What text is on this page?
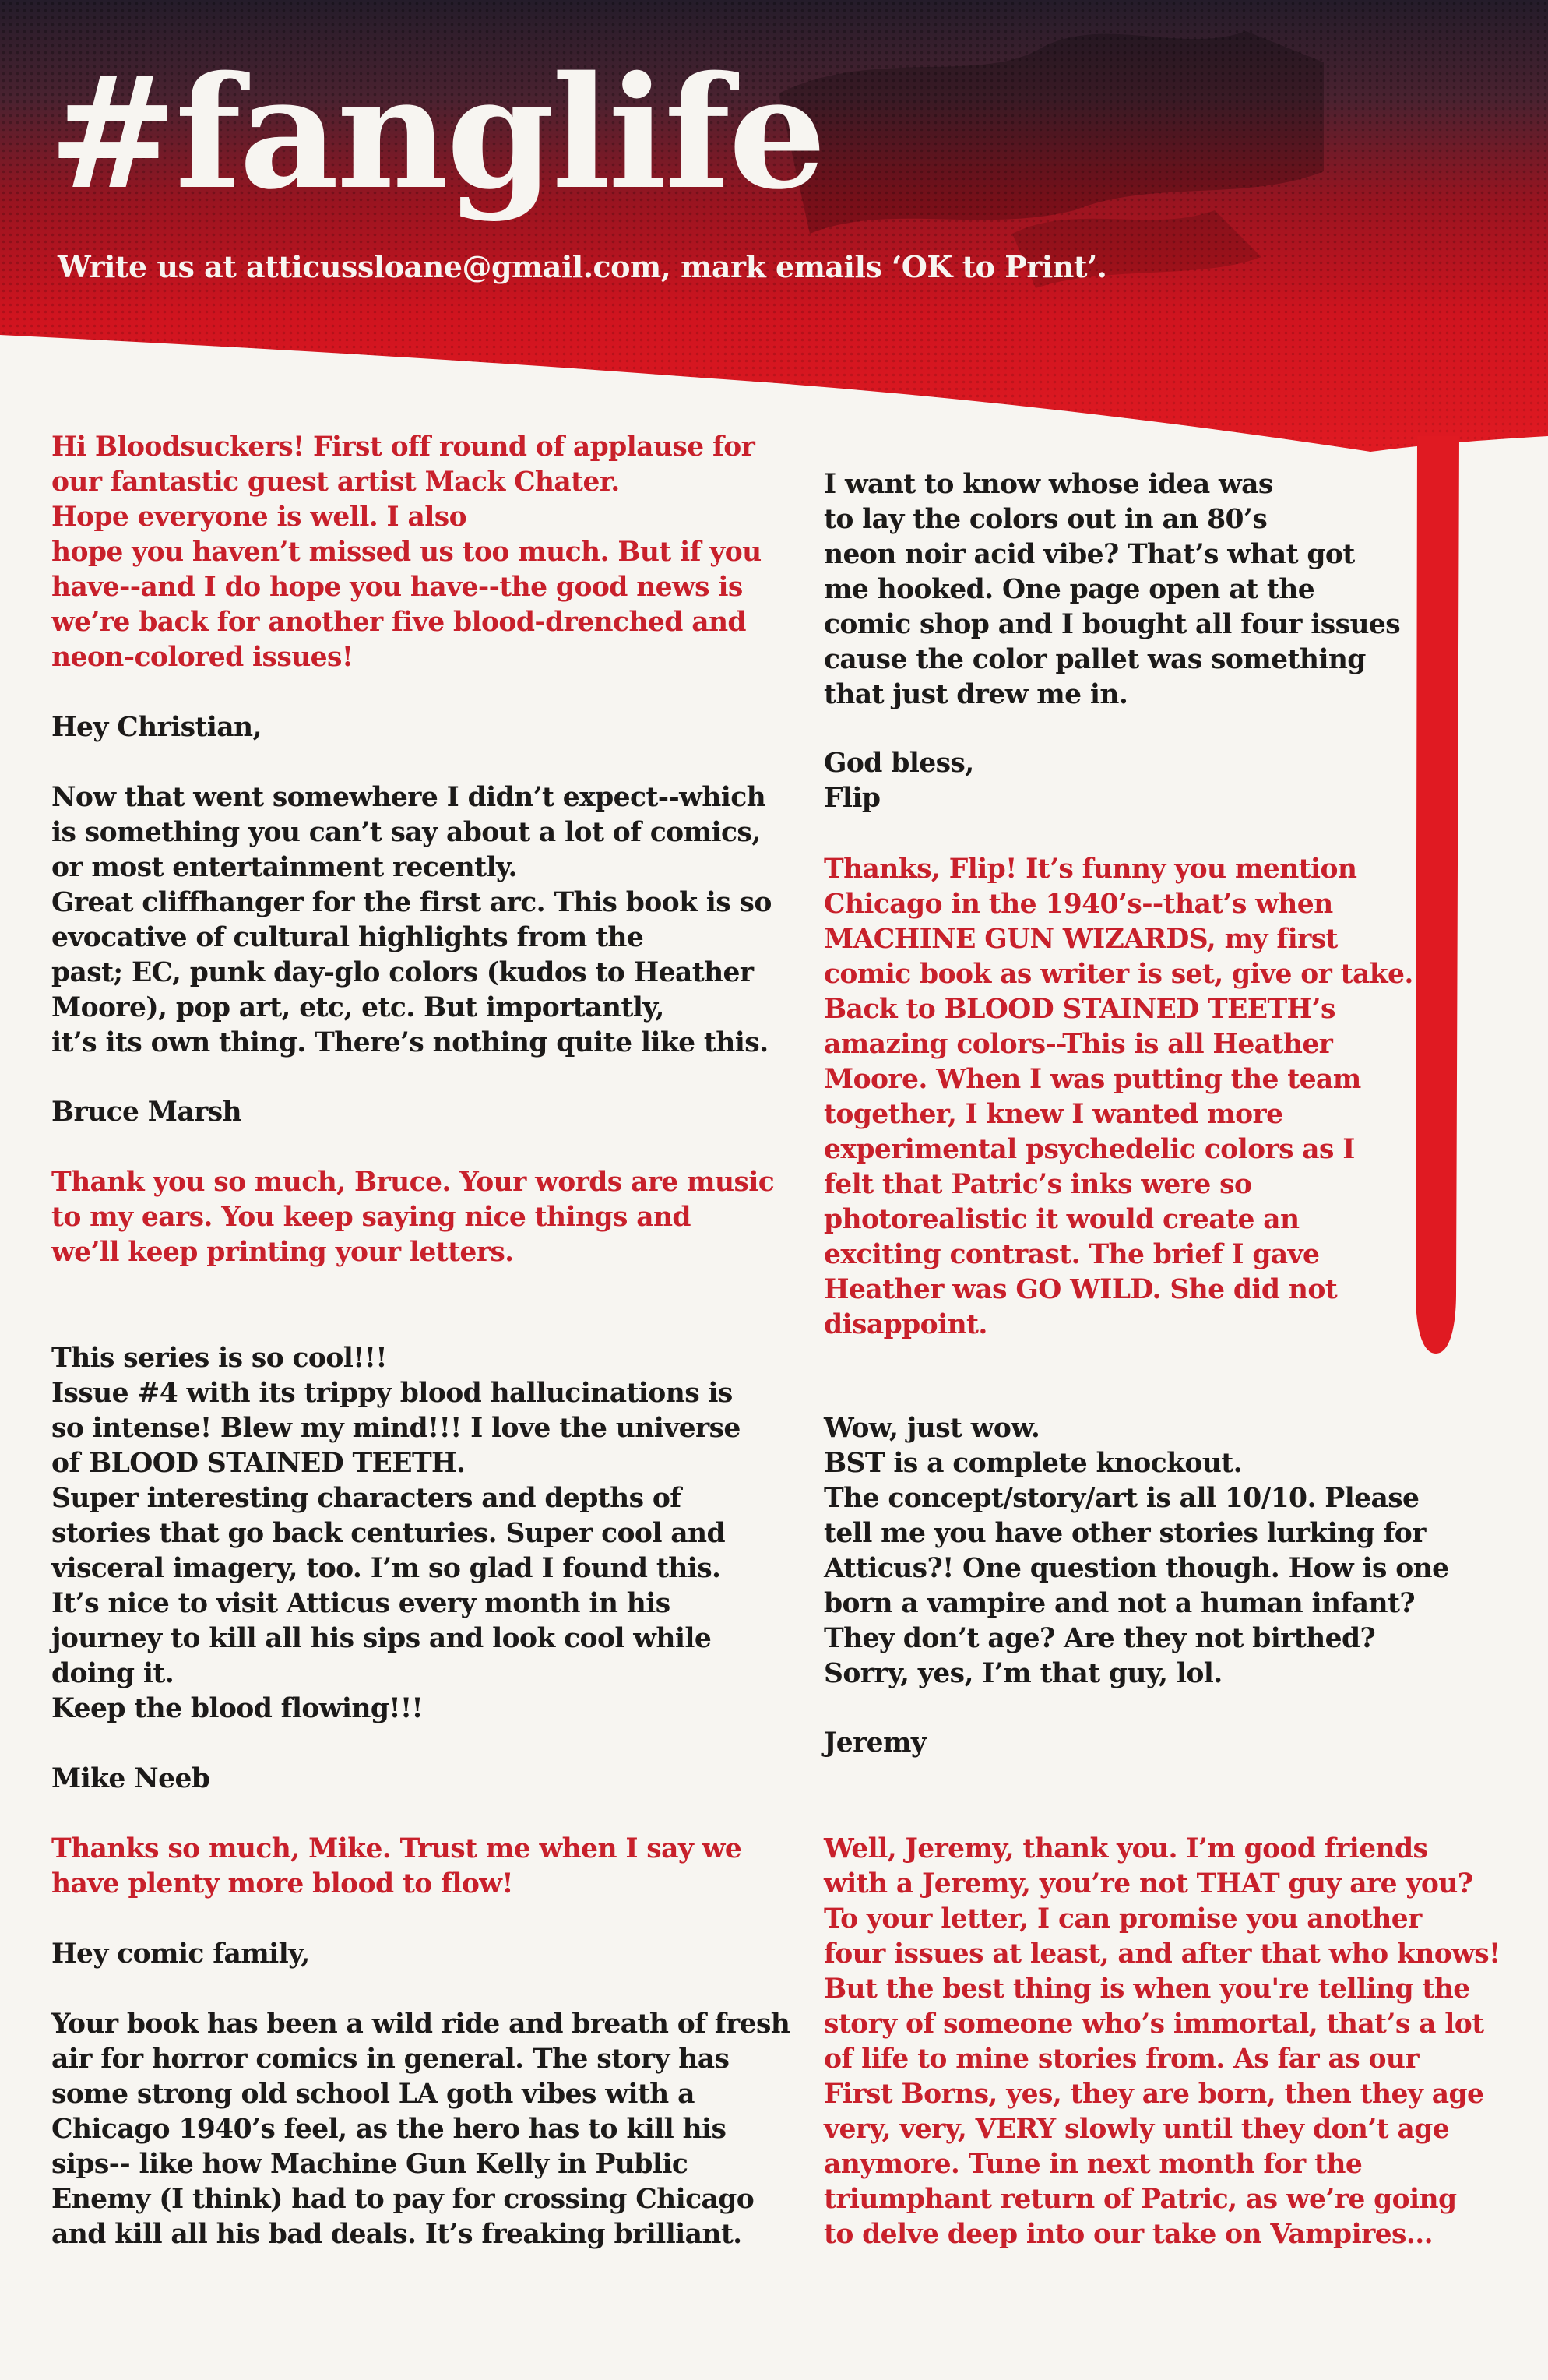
#fanglife

Write us at atticussloane@gmail.com, mark emails ‘OK to Print’.

Hi Bloodsuckers! First off round of applause for
our fantastic guest artist Mack Chater.
Hope everyone is well. I also
hope you haven’t missed us too much. But if you
have--and I do hope you have--the good news is
we’re back for another five blood-drenched and
neon-colored issues!
Hey Christian,
Now that went somewhere I didn’t expect--which
is something you can’t say about a lot of comics,
or most entertainment recently.
Great cliffhanger for the first arc. This book is so
evocative of cultural highlights from the
past; EC, punk day-glo colors (kudos to Heather
Moore), pop art, etc, etc. But importantly,
it’s its own thing. There’s nothing quite like this.
Bruce Marsh
Thank you so much, Bruce. Your words are music
to my ears. You keep saying nice things and
we’ll keep printing your letters.
This series is so cool!!!
Issue #4 with its trippy blood hallucinations is
so intense! Blew my mind!!! I love the universe
of BLOOD STAINED TEETH.
Super interesting characters and depths of
stories that go back centuries. Super cool and
visceral imagery, too. I’m so glad I found this.
It’s nice to visit Atticus every month in his
journey to kill all his sips and look cool while
doing it.
Keep the blood flowing!!!
Mike Neeb
Thanks so much, Mike. Trust me when I say we
have plenty more blood to flow!
Hey comic family,
Your book has been a wild ride and breath of fresh
air for horror comics in general. The story has
some strong old school LA goth vibes with a
Chicago 1940’s feel, as the hero has to kill his
sips-- like how Machine Gun Kelly in Public
Enemy (I think) had to pay for crossing Chicago
and kill all his bad deals. It’s freaking brilliant.
I want to know whose idea was
to lay the colors out in an 80’s
neon noir acid vibe? That’s what got
me hooked. One page open at the
comic shop and I bought all four issues
cause the color pallet was something
that just drew me in.
God bless,
Flip
Thanks, Flip! It’s funny you mention
Chicago in the 1940’s--that’s when
MACHINE GUN WIZARDS, my first
comic book as writer is set, give or take.
Back to BLOOD STAINED TEETH’s
amazing colors--This is all Heather
Moore. When I was putting the team
together, I knew I wanted more
experimental psychedelic colors as I
felt that Patric’s inks were so
photorealistic it would create an
exciting contrast. The brief I gave
Heather was GO WILD. She did not
disappoint.
Wow, just wow.
BST is a complete knockout.
The concept/story/art is all 10/10. Please
tell me you have other stories lurking for
Atticus?! One question though. How is one
born a vampire and not a human infant?
They don’t age? Are they not birthed?
Sorry, yes, I’m that guy, lol.
Jeremy
Well, Jeremy, thank you. I’m good friends
with a Jeremy, you’re not THAT guy are you?
To your letter, I can promise you another
four issues at least, and after that who knows!
But the best thing is when you're telling the
story of someone who’s immortal, that’s a lot
of life to mine stories from. As far as our
First Borns, yes, they are born, then they age
very, very, VERY slowly until they don’t age
anymore. Tune in next month for the
triumphant return of Patric, as we’re going
to delve deep into our take on Vampires...
